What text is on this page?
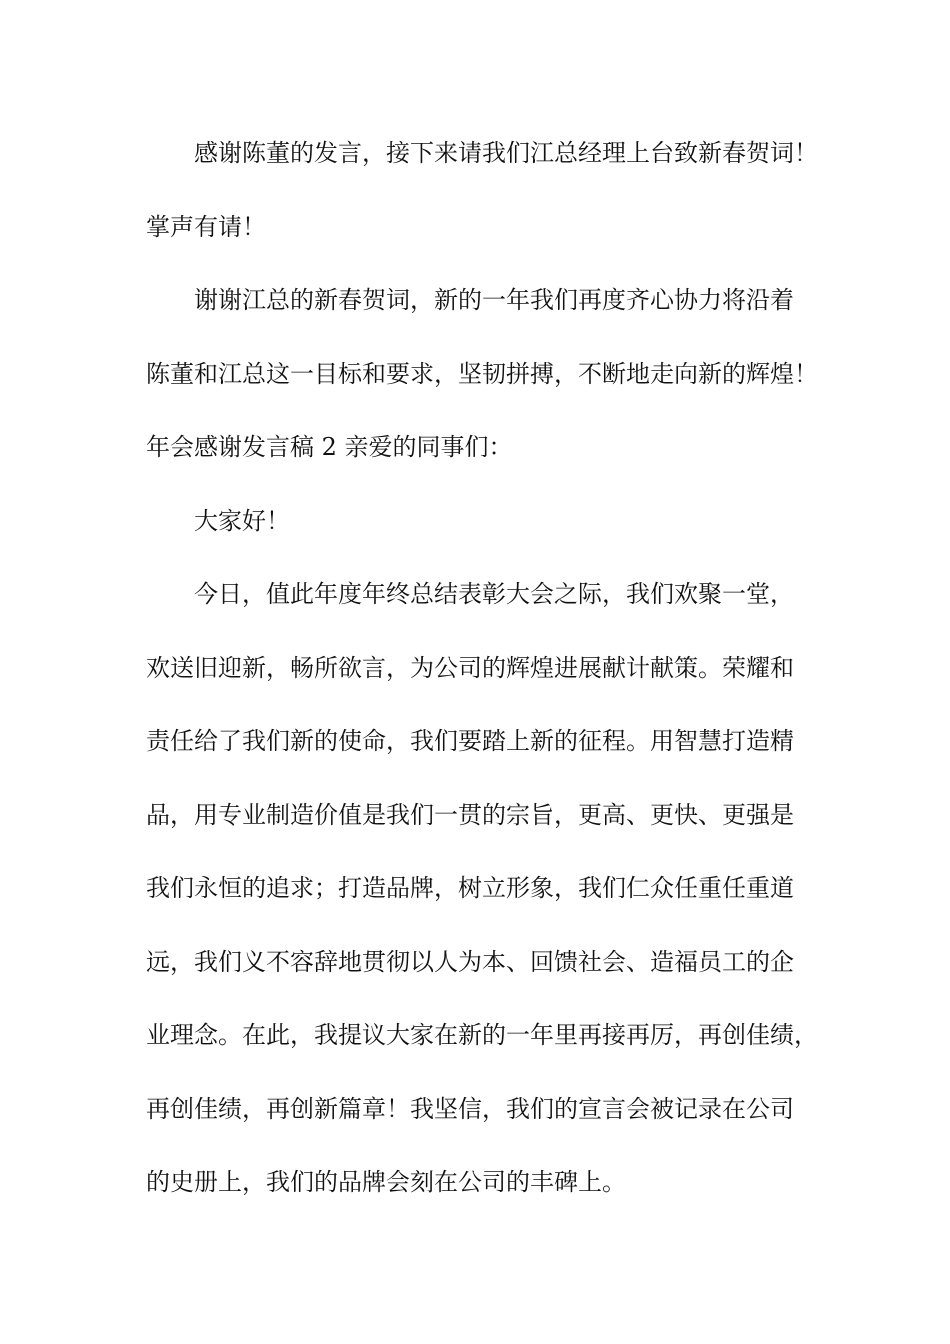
感谢陈董的发言，接下来请我们江总经理上台致新春贺词！
掌声有请！
谢谢江总的新春贺词，新的一年我们再度齐心协力将沿着
陈董和江总这一目标和要求，坚韧拼搏，不断地走向新的辉煌！
年会感谢发言稿 2 亲爱的同事们：
大家好！
今日，值此年度年终总结表彰大会之际，我们欢聚一堂，
欢送旧迎新，畅所欲言，为公司的辉煌进展献计献策。荣耀和
责任给了我们新的使命，我们要踏上新的征程。用智慧打造精
品，用专业制造价值是我们一贯的宗旨，更高、更快、更强是
我们永恒的追求；打造品牌，树立形象，我们仁众任重任重道
远，我们义不容辞地贯彻以人为本、回馈社会、造福员工的企
业理念。在此，我提议大家在新的一年里再接再厉，再创佳绩，
再创佳绩，再创新篇章！我坚信，我们的宣言会被记录在公司
的史册上，我们的品牌会刻在公司的丰碑上。
